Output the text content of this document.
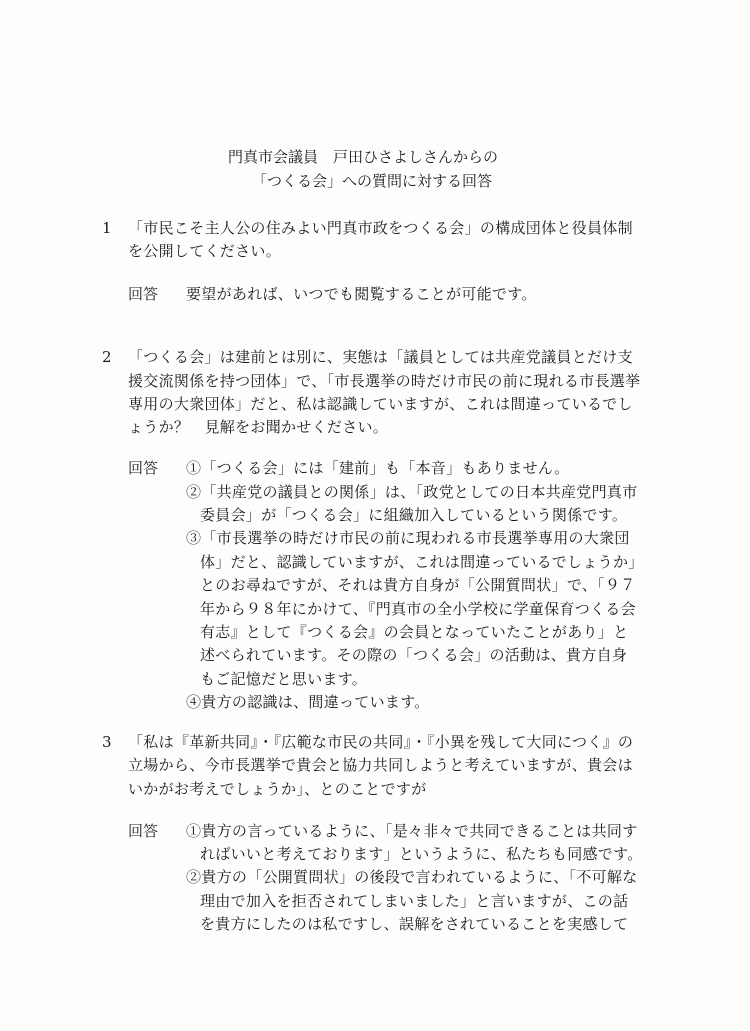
門真市会議員　戸田ひさよしさんからの
「つくる会」への質問に対する回答
1 「市民こそ主人公の住みよい門真市政をつくる会」の構成団体と役員体制
を公開してください。
回答 要望があれば、いつでも閲覧することが可能です。
2 「つくる会」は建前とは別に、実態は「議員としては共産党議員とだけ支
援交流関係を持つ団体」で、「市長選挙の時だけ市民の前に現れる市長選挙
専用の大衆団体」だと、私は認識していますが、これは間違っているでし
ょうか？　見解をお聞かせください。
回答 ①「つくる会」には「建前」も「本音」もありません。
②「共産党の議員との関係」は、「政党としての日本共産党門真市
委員会」が「つくる会」に組織加入しているという関係です。
③「市長選挙の時だけ市民の前に現われる市長選挙専用の大衆団
体」だと、認識していますが、これは間違っているでしょうか」
とのお尋ねですが、それは貴方自身が「公開質問状」で、「９７
年から９８年にかけて、『門真市の全小学校に学童保育つくる会
有志』として『つくる会』の会員となっていたことがあり」と
述べられています。その際の「つくる会」の活動は、貴方自身
もご記憶だと思います。
④貴方の認識は、間違っています。
3 「私は『革新共同』・『広範な市民の共同』・『小異を残して大同につく』の
立場から、今市長選挙で貴会と協力共同しようと考えていますが、貴会は
いかがお考えでしょうか」、とのことですが
回答 ①貴方の言っているように、「是々非々で共同できることは共同す
ればいいと考えております」というように、私たちも同感です。
②貴方の「公開質問状」の後段で言われているように、「不可解な
理由で加入を拒否されてしまいました」と言いますが、この話
を貴方にしたのは私ですし、誤解をされていることを実感して
